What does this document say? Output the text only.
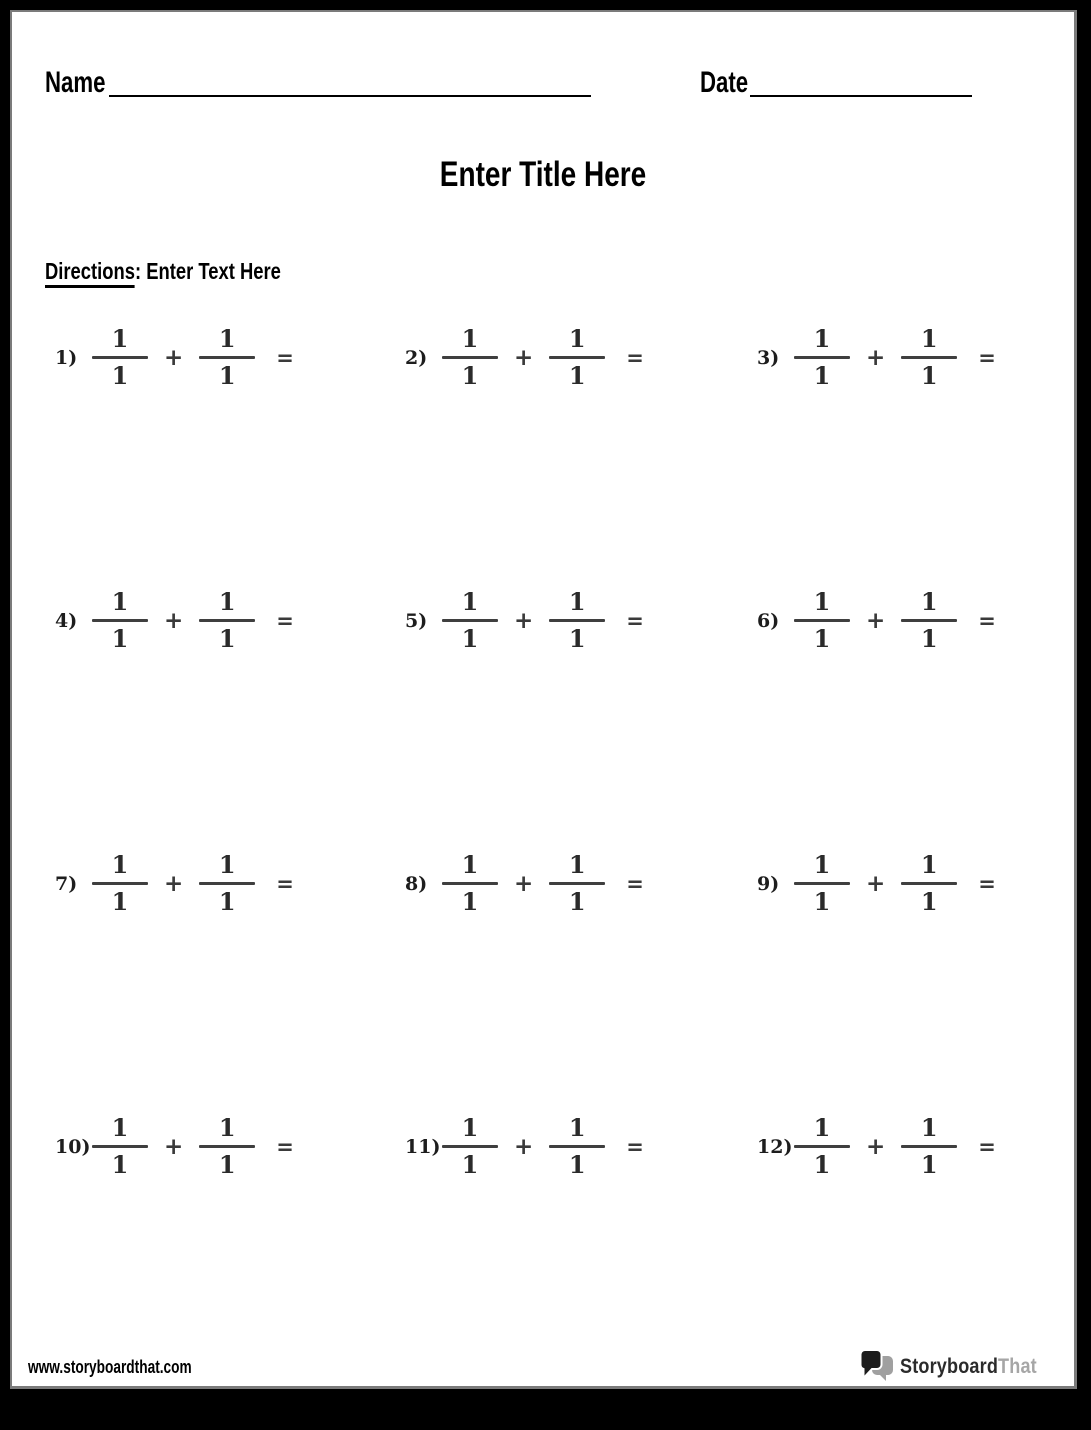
Name	Date
Enter Title Here
Directions: Enter Text Here
$1) \frac{1}{1} + \frac{1}{1}$ =	$2) \frac{1}{1} + \frac{1}{1}$ =	$3) \frac{1}{1} + \frac{1}{1}$ =
$4) \frac{1}{1} + \frac{1}{1}$ =	$5) \frac{1}{1} + \frac{1}{1}$ =	$6) \frac{1}{1} + \frac{1}{1}$ =
$7) \frac{1}{1} + \frac{1}{1}$ =	$8) \frac{1}{1} + \frac{1}{1}$ =	$9) \frac{1}{1} + \frac{1}{1}$ =
$10) \frac{1}{1} + \frac{1}{1}$ =	$11) \frac{1}{1} + \frac{1}{1}$ =	$12) \frac{1}{1} + \frac{1}{1}$ =
www.storyboardthat.com	StoryboardThat
